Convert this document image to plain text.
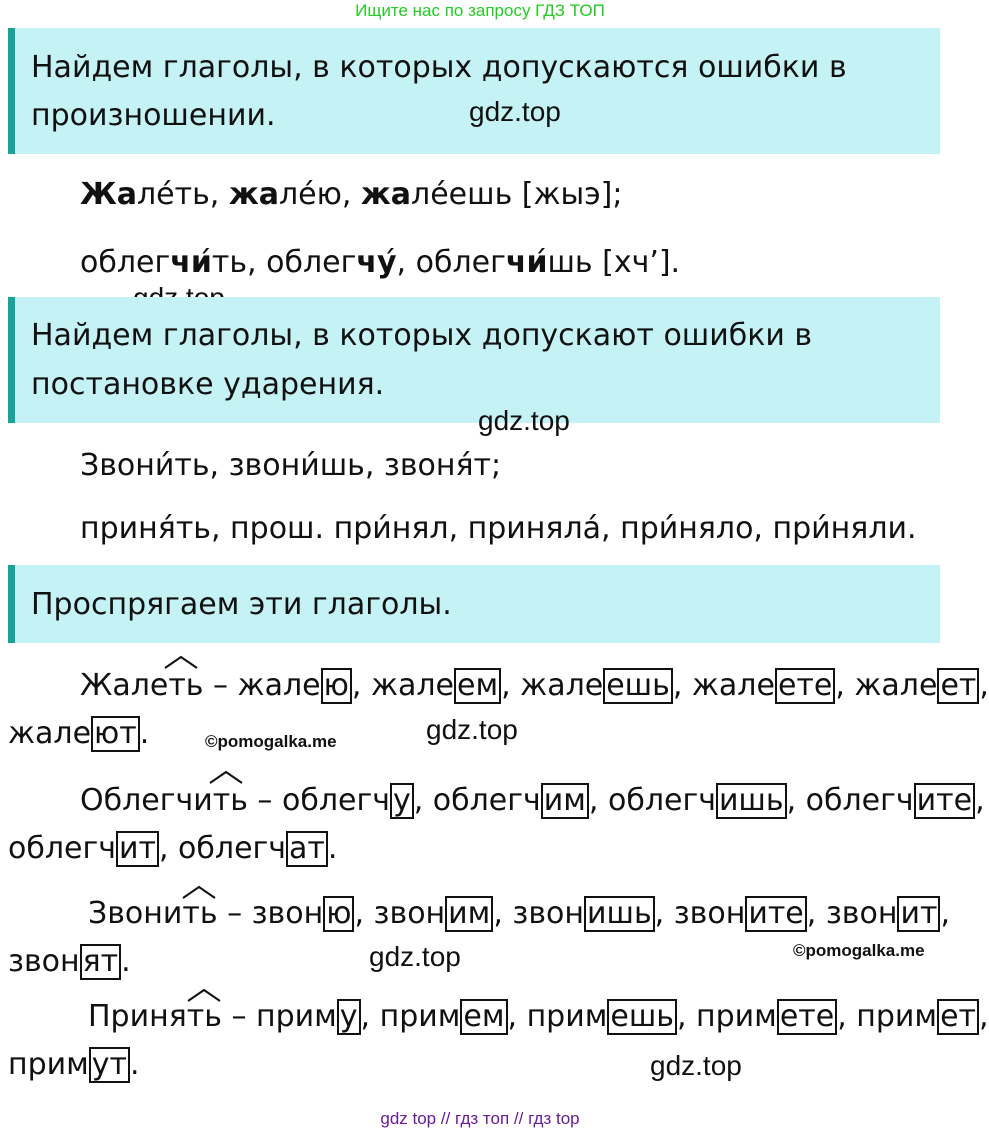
Ищите нас по запросу ГДЗ ТОП
Найдем глаголы, в которых допускаются ошибки в
произношении.
Жале́ть, жале́ю, жале́ешь [жыэ];
облегчи́ть, облегчу́, облегчи́шь [хч’].
gdz.top
Найдем глаголы, в которых допускают ошибки в
постановке ударения.
gdz.top
Звони́ть, звони́шь, звоня́т;
приня́ть, прош. при́нял, приняла́, при́няло, при́няли.
Проспрягаем эти глаголы.
Жалеть – жале ю , жале ем , жале ешь , жале ете , жале ет ,
жале ют .	©pomogalka.me	gdz.top
Облегчить – облегч у , облегч им , облегч ишь , облегч ите ,
облегч ит , облегч ат .
Звонить – звон ю , звон им , звон ишь , звон ите , звон ит ,
звон ят .	gdz.top	©pomogalka.me
Принять – прим у , прим ем , прим ешь , прим ете , прим ет ,
прим ут .	gdz.top
gdz top // гдз топ // гдз top
